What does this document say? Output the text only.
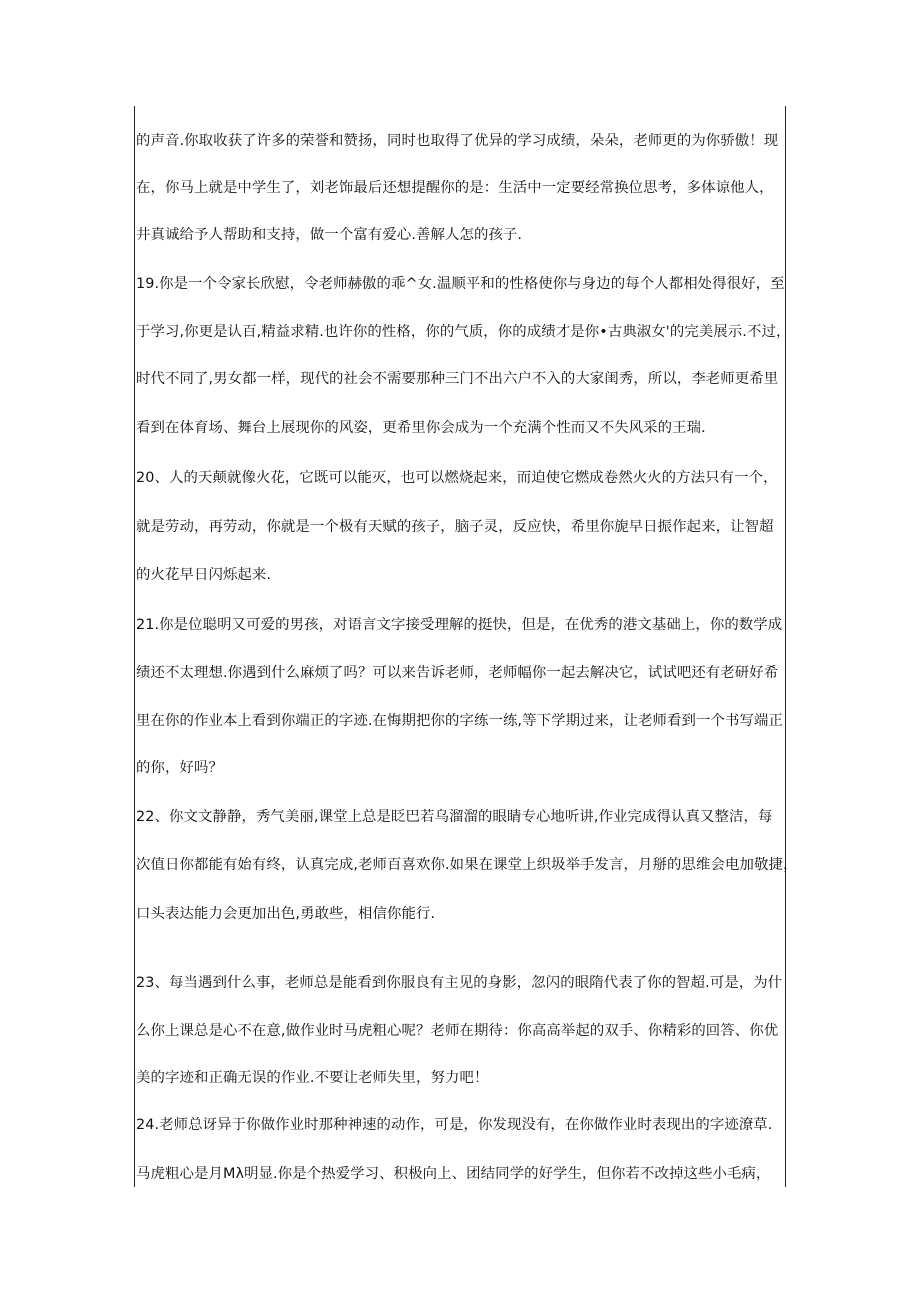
的声音.你取收获了许多的荣誉和赞扬，同时也取得了优异的学习成绩，朵朵，老师更的为你骄傲！现
在，你马上就是中学生了，刘老饰最后还想提醒你的是：生活中一定要经常换位思考，多体谅他人，
井真诚给予人帮助和支持，做一个富有爱心.善解人怎的孩子.
19.你是一个令家长欣慰，令老师赫傲的乖^女.温顺平和的性格使你与身边的每个人都相处得很好，至
于学习,你更是认百,精益求精.也许你的性格，你的气质，你的成绩才是你•古典淑女'的完美展示.不过，
时代不同了,男女都一样，现代的社会不需要那种三门不出六户不入的大家闺秀，所以，李老师更希里
看到在体育场、舞台上展现你的风姿，更希里你会成为一个充满个性而又不失风采的王瑞.
20、人的天颠就像火花，它既可以能灭，也可以燃烧起来，而迫使它燃成卷然火火的方法只有一个，
就是劳动，再劳动，你就是一个极有天赋的孩子，脑子灵，反应快，希里你旎早日振作起来，让智超
的火花早日闪烁起来.
21.你是位聪明又可爱的男孩，对语言文字接受理解的挺快，但是，在优秀的港文基础上，你的数学成
绩还不太理想.你遇到什么麻烦了吗？可以来告诉老师，老师幅你一起去解决它，试试吧还有老研好希
里在你的作业本上看到你端正的字迹.在悔期把你的字练一练,等下学期过来，让老师看到一个书写端正
的你，好吗？
22、你文文静静，秀气美丽,课堂上总是眨巴若乌溜溜的眼睛专心地听讲,作业完成得认真又整洁，每
次值日你都能有始有终，认真完成,老师百喜欢你.如果在课堂上织圾举手发言，月掰的思维会电加敬捷，
口头表达能力会更加出色,勇敢些，相信你能行.
23、每当遇到什么事，老师总是能看到你服良有主见的身影，忽闪的眼隋代表了你的智超.可是，为什
么你上课总是心不在意,做作业时马虎粗心呢？老师在期待：你高高举起的双手、你精彩的回答、你优
美的字迹和正确无误的作业.不要让老师失里，努力吧！
24.老师总讶异于你做作业时那种神速的动作，可是，你发现没有，在你做作业时表现出的字迹潦草.
马虎粗心是月Mλ明显.你是个热爱学习、积极向上、团结同学的好学生，但你若不改掉这些小毛病，
